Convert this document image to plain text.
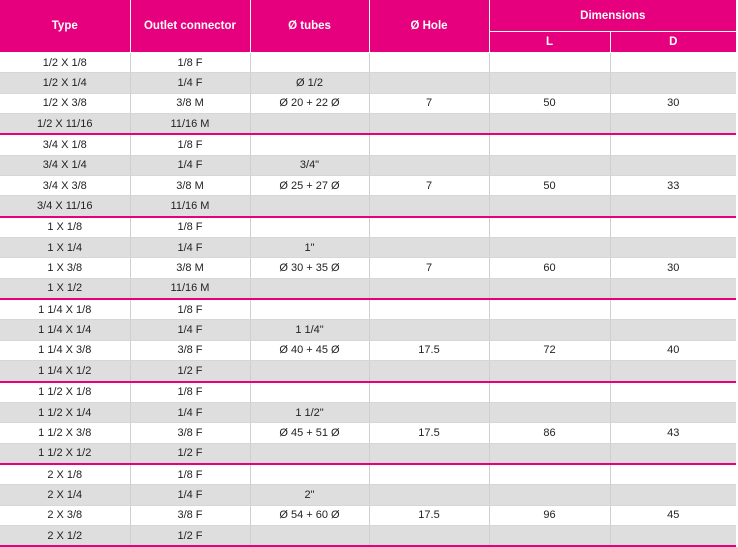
Type	Outlet connector	Ø tubes	Ø Hole	Dimensions	
				L	D
1/2 X 1/8	1/8 F				
1/2 X 1/4	1/4 F	Ø 1/2			
1/2 X 3/8	3/8 M	Ø 20 + 22 Ø	7	50	30
1/2 X 11/16	11/16 M				
3/4 X 1/8	1/8 F				
3/4 X 1/4	1/4 F	3/4"			
3/4 X 3/8	3/8 M	Ø 25 + 27 Ø	7	50	33
3/4 X 11/16	11/16 M				
1 X 1/8	1/8 F				
1 X 1/4	1/4 F	1"			
1 X 3/8	3/8 M	Ø 30 + 35 Ø	7	60	30
1 X 1/2	11/16 M				
1 1/4 X 1/8	1/8 F				
1 1/4 X 1/4	1/4 F	1 1/4"			
1 1/4 X 3/8	3/8 F	Ø 40 + 45 Ø	17.5	72	40
1 1/4 X 1/2	1/2 F				
1 1/2 X 1/8	1/8 F				
1 1/2 X 1/4	1/4 F	1 1/2"			
1 1/2 X 3/8	3/8 F	Ø 45 + 51 Ø	17.5	86	43
1 1/2 X 1/2	1/2 F				
2 X 1/8	1/8 F				
2 X 1/4	1/4 F	2"			
2 X 3/8	3/8 F	Ø 54 + 60 Ø	17.5	96	45
2 X 1/2	1/2 F				
